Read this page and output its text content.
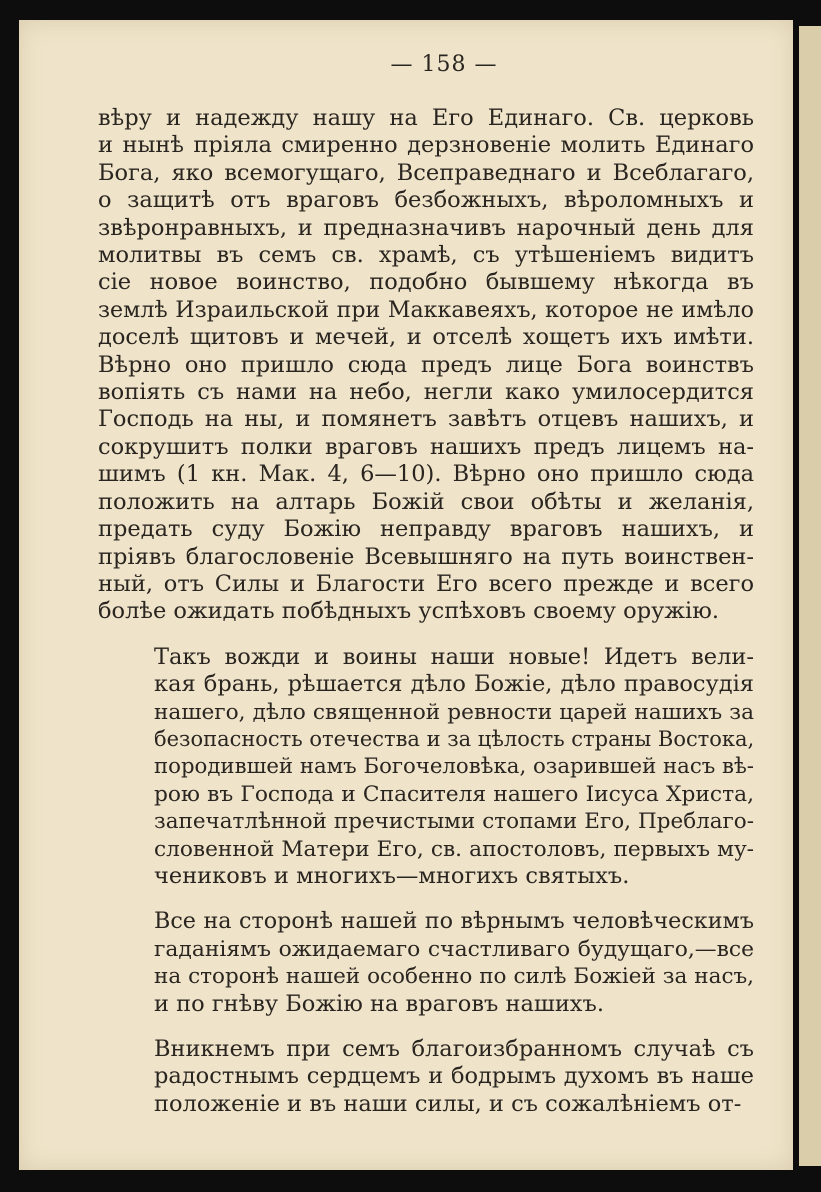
— 158 —
вѣру и надежду нашу на Его Единаго. Св. церковь
и нынѣ пріяла смиренно дерзновеніе молить Единаго
Бога, яко всемогущаго, Всеправеднаго и Всеблагаго,
о защитѣ отъ враговъ безбожныхъ, вѣроломныхъ и
звѣронравныхъ, и предназначивъ нарочный день для
молитвы въ семъ св. храмѣ, съ утѣшеніемъ видитъ
сіе новое воинство, подобно бывшему нѣкогда въ
землѣ Израильской при Маккавеяхъ, которое не имѣло
доселѣ щитовъ и мечей, и отселѣ хощетъ ихъ имѣти.
Вѣрно оно пришло сюда предъ лице Бога воинствъ
вопіять съ нами на небо, негли како умилосердится
Господь на ны, и помянетъ завѣтъ отцевъ нашихъ, и
сокрушитъ полки враговъ нашихъ предъ лицемъ на-
шимъ (1 кн. Мак. 4, 6—10). Вѣрно оно пришло сюда
положить на алтарь Божій свои обѣты и желанія,
предать суду Божію неправду враговъ нашихъ, и
пріявъ благословеніе Всевышняго на путь воинствен-
ный, отъ Силы и Благости Его всего прежде и всего
болѣе ожидать побѣдныхъ успѣховъ своему оружію.
Такъ вожди и воины наши новые! Идетъ вели-
кая брань, рѣшается дѣло Божіе, дѣло правосудія
нашего, дѣло священной ревности царей нашихъ за
безопасность отечества и за цѣлость страны Востока,
породившей намъ Богочеловѣка, озарившей насъ вѣ-
рою въ Господа и Спасителя нашего Іисуса Христа,
запечатлѣнной пречистыми стопами Его, Преблаго-
словенной Матери Его, св. апостоловъ, первыхъ му-
чениковъ и многихъ—многихъ святыхъ.
Все на сторонѣ нашей по вѣрнымъ человѣческимъ
гаданіямъ ожидаемаго счастливаго будущаго,—все
на сторонѣ нашей особенно по силѣ Божіей за насъ,
и по гнѣву Божію на враговъ нашихъ.
Вникнемъ при семъ благоизбранномъ случаѣ съ
радостнымъ сердцемъ и бодрымъ духомъ въ наше
положеніе и въ наши силы, и съ сожалѣніемъ от-
